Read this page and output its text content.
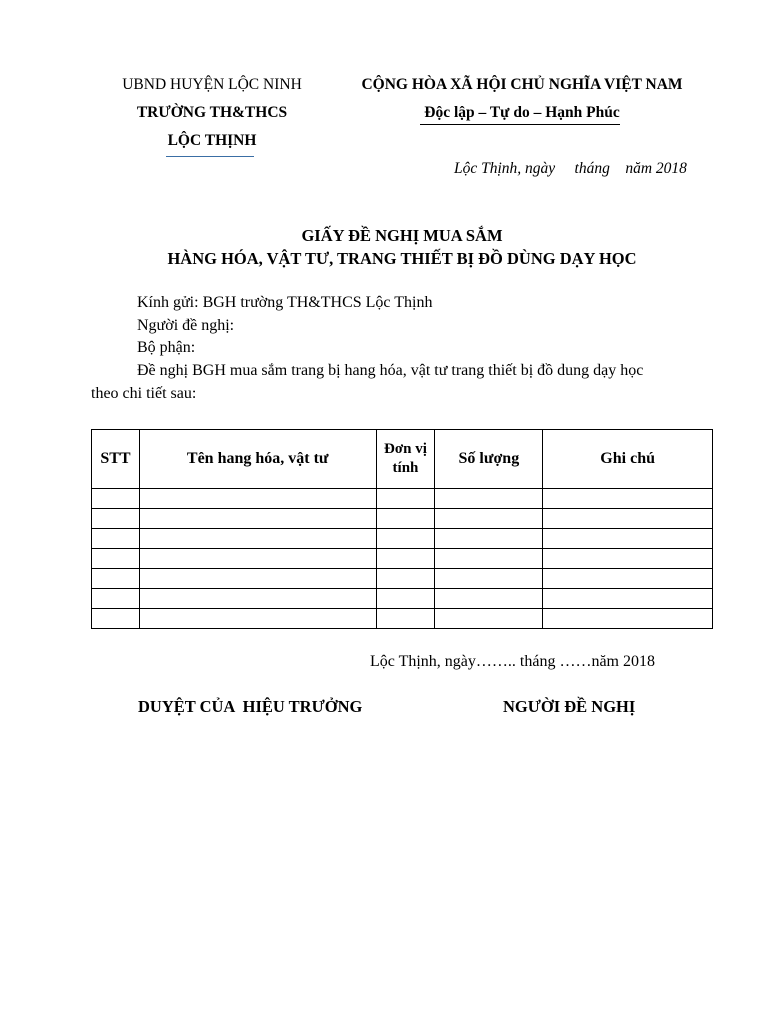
UBND HUYỆN LỘC NINH
TRƯỜNG TH&THCS
LỘC THỊNH
CỘNG HÒA XÃ HỘI CHỦ NGHĨA VIỆT NAM
Độc lập – Tự do – Hạnh Phúc
Lộc Thịnh, ngày     tháng    năm 2018
GIẤY ĐỀ NGHỊ MUA SẮM
HÀNG HÓA, VẬT TƯ, TRANG THIẾT BỊ ĐỒ DÙNG DẠY HỌC
Kính gửi: BGH trường TH&THCS Lộc Thịnh
Người đề nghị:
Bộ phận:
Đề nghị BGH mua sắm trang bị hang hóa, vật tư trang thiết bị đồ dung dạy học
theo chi tiết sau:
STT	Tên hang hóa, vật tư	Đơn vị tính	Số lượng	Ghi chú

Lộc Thịnh, ngày…….. tháng ……năm 2018
DUYỆT CỦA  HIỆU TRƯỞNG	NGƯỜI ĐỀ NGHỊ
